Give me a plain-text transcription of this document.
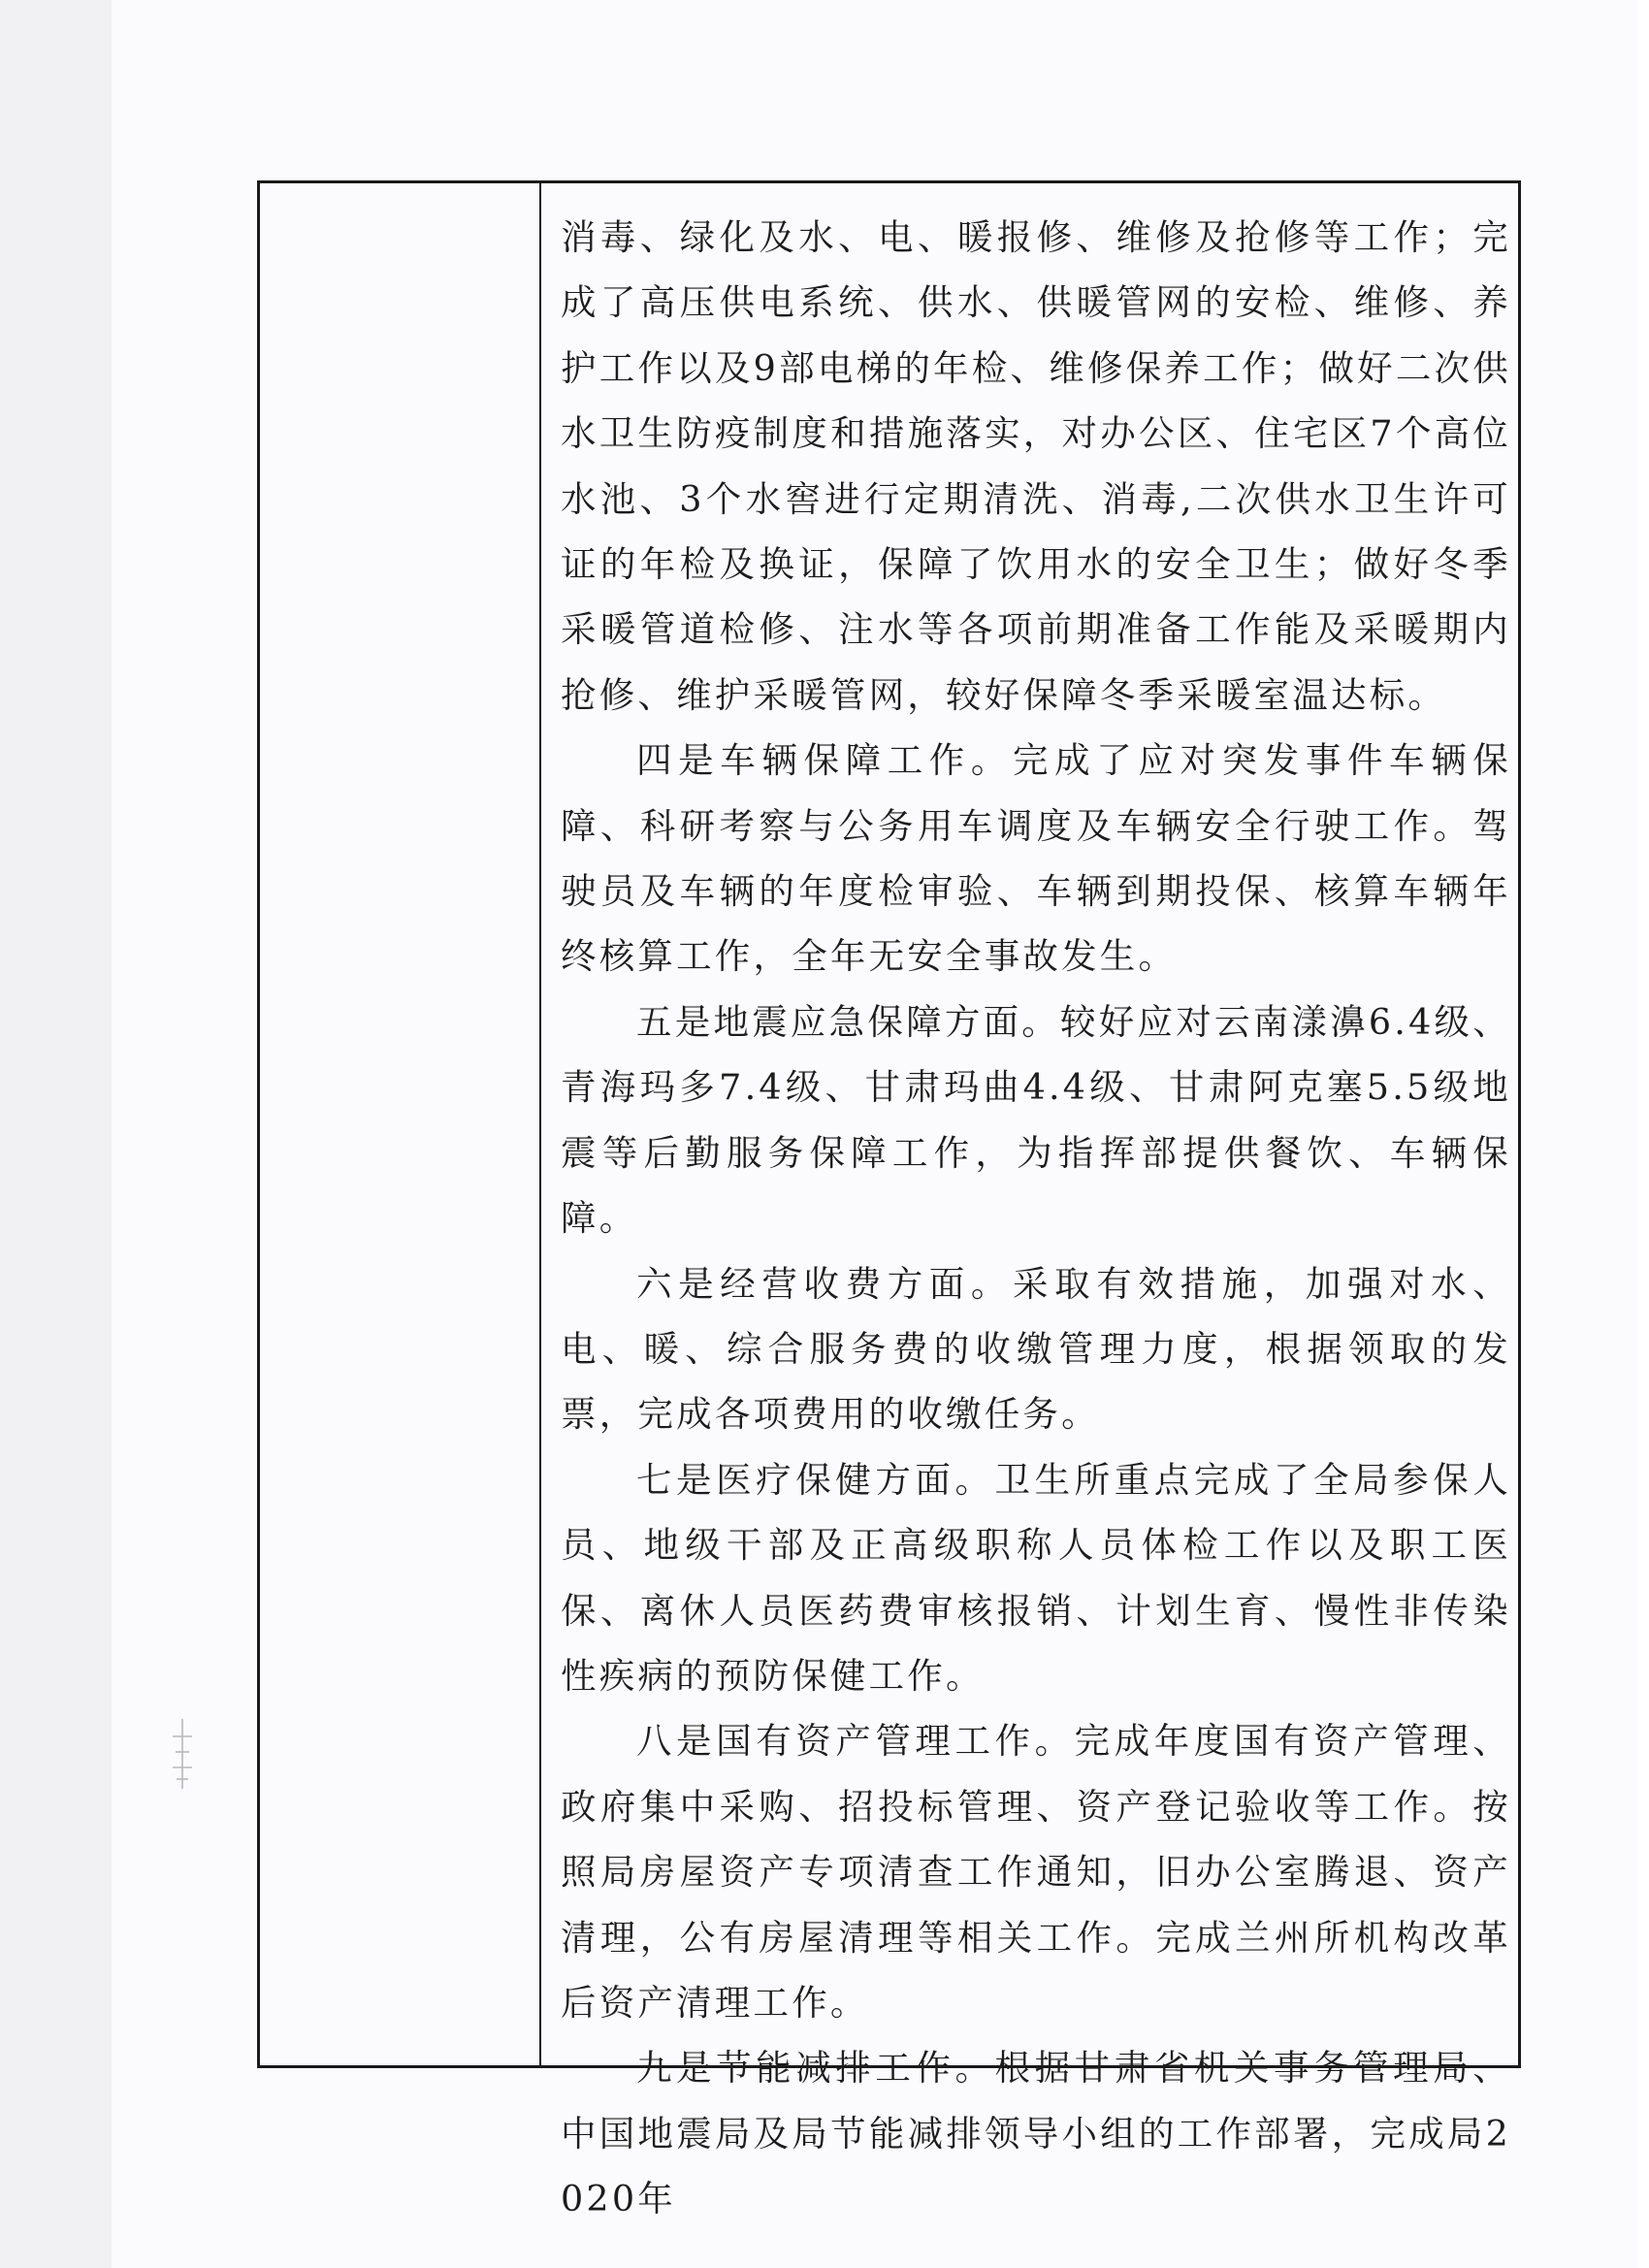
消毒、绿化及水、电、暖报修、维修及抢修等工作；完成了高压供电系统、供水、供暖管网的安检、维修、养护工作以及9部电梯的年检、维修保养工作；做好二次供水卫生防疫制度和措施落实，对办公区、住宅区7个高位水池、3个水窖进行定期清洗、消毒,二次供水卫生许可证的年检及换证，保障了饮用水的安全卫生；做好冬季采暖管道检修、注水等各项前期准备工作能及采暖期内抢修、维护采暖管网，较好保障冬季采暖室温达标。

四是车辆保障工作。完成了应对突发事件车辆保障、科研考察与公务用车调度及车辆安全行驶工作。驾驶员及车辆的年度检审验、车辆到期投保、核算车辆年终核算工作，全年无安全事故发生。

五是地震应急保障方面。较好应对云南漾濞6.4级、青海玛多7.4级、甘肃玛曲4.4级、甘肃阿克塞5.5级地震等后勤服务保障工作，为指挥部提供餐饮、车辆保障。

六是经营收费方面。采取有效措施，加强对水、电、暖、综合服务费的收缴管理力度，根据领取的发票，完成各项费用的收缴任务。

七是医疗保健方面。卫生所重点完成了全局参保人员、地级干部及正高级职称人员体检工作以及职工医保、离休人员医药费审核报销、计划生育、慢性非传染性疾病的预防保健工作。

八是国有资产管理工作。完成年度国有资产管理、政府集中采购、招投标管理、资产登记验收等工作。按照局房屋资产专项清查工作通知，旧办公室腾退、资产清理，公有房屋清理等相关工作。完成兰州所机构改革后资产清理工作。

九是节能减排工作。根据甘肃省机关事务管理局、中国地震局及局节能减排领导小组的工作部署，完成局2020年
